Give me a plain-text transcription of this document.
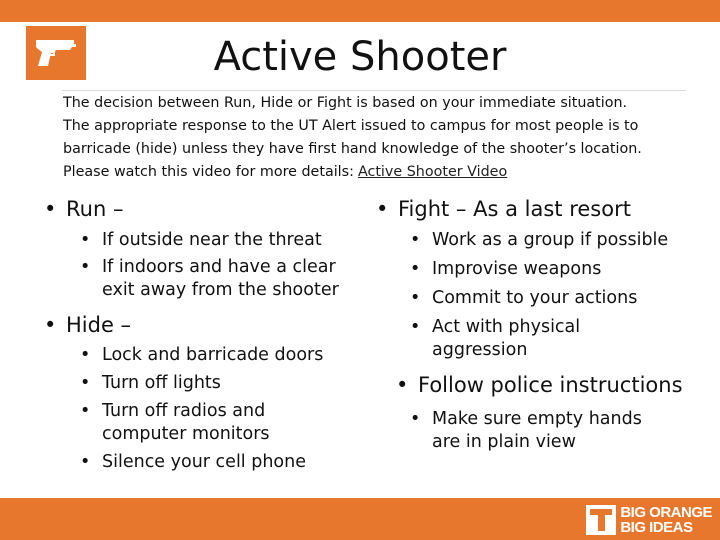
Active Shooter
The decision between Run, Hide or Fight is based on your immediate situation.
The appropriate response to the UT Alert issued to campus for most people is to
barricade (hide) unless they have first hand knowledge of the shooter’s location.
Please watch this video for more details: Active Shooter Video
• Run –
• If outside near the threat
• If indoors and have a clear exit away from the shooter
• Hide –
• Lock and barricade doors
• Turn off lights
• Turn off radios and computer monitors
• Silence your cell phone
• Fight – As a last resort
• Work as a group if possible
• Improvise weapons
• Commit to your actions
• Act with physical aggression
• Follow police instructions
• Make sure empty hands are in plain view
BIG ORANGE
BIG IDEAS
